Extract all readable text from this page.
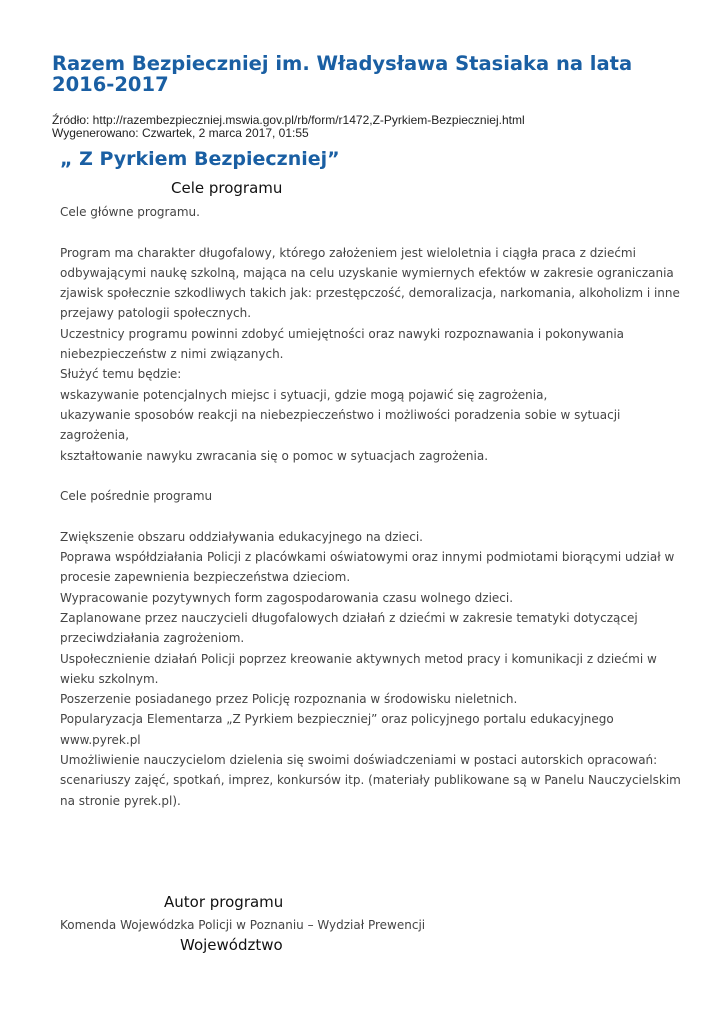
Razem Bezpieczniej im. Władysława Stasiaka na lata 2016-2017
Źródło: http://razembezpieczniej.mswia.gov.pl/rb/form/r1472,Z-Pyrkiem-Bezpieczniej.html
Wygenerowano: Czwartek, 2 marca 2017, 01:55
„ Z Pyrkiem Bezpieczniej”
Cele programu
Cele główne programu.
Program ma charakter długofalowy, którego założeniem jest wieloletnia i ciągła praca z dziećmi
odbywającymi naukę szkolną, mająca na celu uzyskanie wymiernych efektów w zakresie ograniczania
zjawisk społecznie szkodliwych takich jak: przestępczość, demoralizacja, narkomania, alkoholizm i inne
przejawy patologii społecznych.
Uczestnicy programu powinni zdobyć umiejętności oraz nawyki rozpoznawania i pokonywania
niebezpieczeństw z nimi związanych.
Służyć temu będzie:
wskazywanie potencjalnych miejsc i sytuacji, gdzie mogą pojawić się zagrożenia,
ukazywanie sposobów reakcji na niebezpieczeństwo i możliwości poradzenia sobie w sytuacji
zagrożenia,
kształtowanie nawyku zwracania się o pomoc w sytuacjach zagrożenia.
Cele pośrednie programu
Zwiększenie obszaru oddziaływania edukacyjnego na dzieci.
Poprawa współdziałania Policji z placówkami oświatowymi oraz innymi podmiotami biorącymi udział w
procesie zapewnienia bezpieczeństwa dzieciom.
Wypracowanie pozytywnych form zagospodarowania czasu wolnego dzieci.
Zaplanowane przez nauczycieli długofalowych działań z dziećmi w zakresie tematyki dotyczącej
przeciwdziałania zagrożeniom.
Uspołecznienie działań Policji poprzez kreowanie aktywnych metod pracy i komunikacji z dziećmi w
wieku szkolnym.
Poszerzenie posiadanego przez Policję rozpoznania w środowisku nieletnich.
Popularyzacja Elementarza „Z Pyrkiem bezpieczniej” oraz policyjnego portalu edukacyjnego
www.pyrek.pl
Umożliwienie nauczycielom dzielenia się swoimi doświadczeniami w postaci autorskich opracowań:
scenariuszy zajęć, spotkań, imprez, konkursów itp. (materiały publikowane są w Panelu Nauczycielskim
na stronie pyrek.pl).
Autor programu
Komenda Wojewódzka Policji w Poznaniu – Wydział Prewencji
Województwo
